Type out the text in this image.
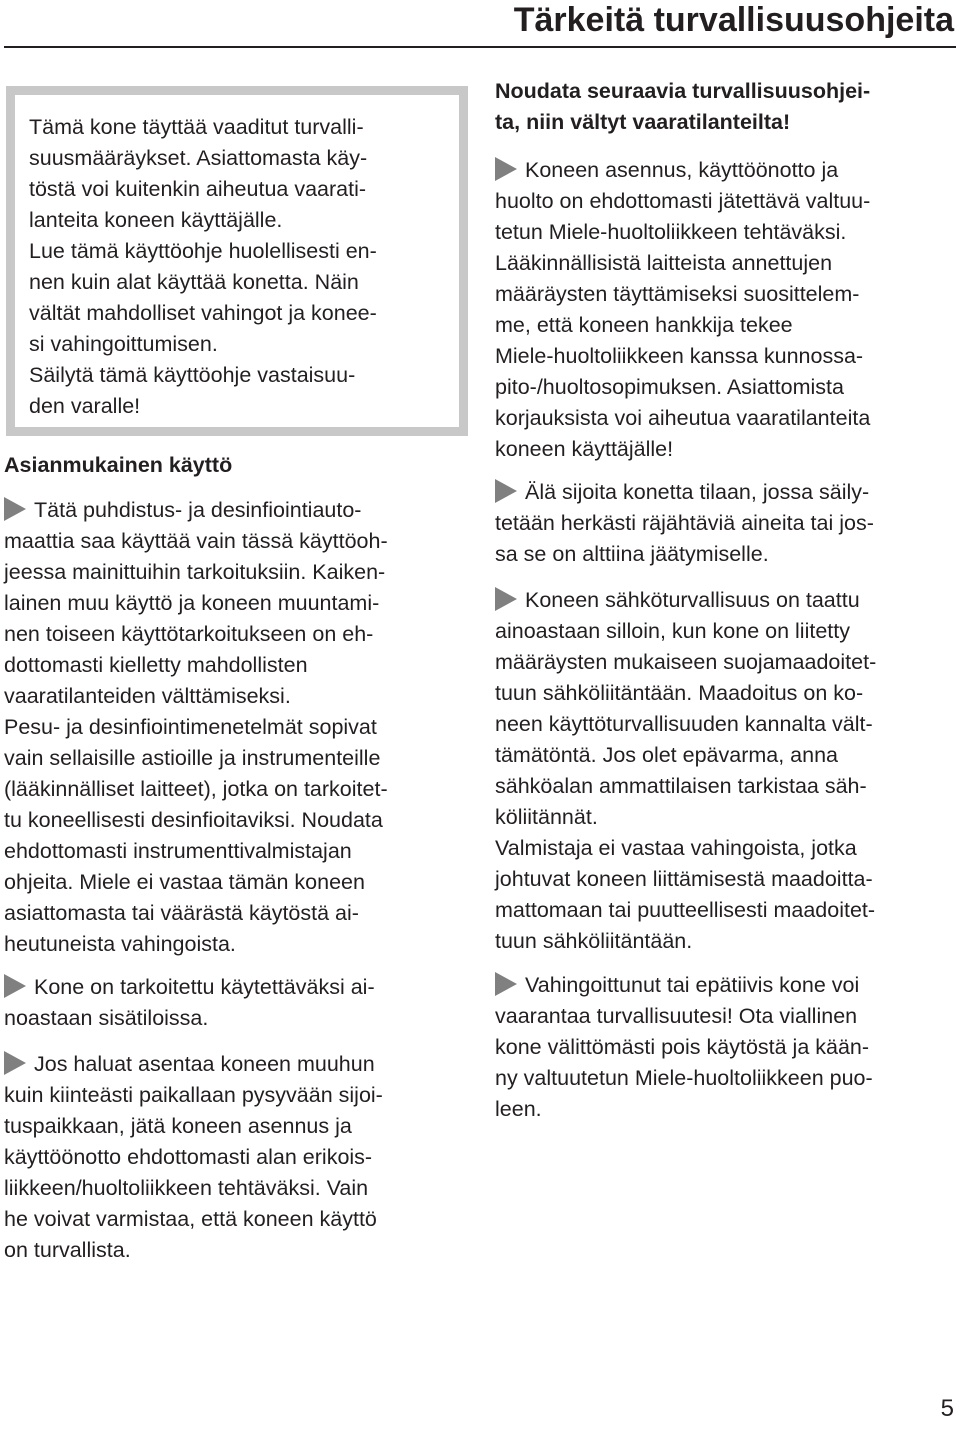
Tärkeitä turvallisuusohjeita
Tämä kone täyttää vaaditut turvalli-
suusmääräykset. Asiattomasta käy-
töstä voi kuitenkin aiheutua vaarati-
lanteita koneen käyttäjälle.
Lue tämä käyttöohje huolellisesti en-
nen kuin alat käyttää konetta. Näin
vältät mahdolliset vahingot ja konee-
si vahingoittumisen.
Säilytä tämä käyttöohje vastaisuu-
den varalle!
Asianmukainen käyttö
Tätä puhdistus- ja desinfiointiauto-
maattia saa käyttää vain tässä käyttöoh-
jeessa mainittuihin tarkoituksiin. Kaiken-
lainen muu käyttö ja koneen muuntami-
nen toiseen käyttötarkoitukseen on eh-
dottomasti kielletty mahdollisten
vaaratilanteiden välttämiseksi.
Pesu- ja desinfiointimenetelmät sopivat
vain sellaisille astioille ja instrumenteille
(lääkinnälliset laitteet), jotka on tarkoitet-
tu koneellisesti desinfioitaviksi. Noudata
ehdottomasti instrumenttivalmistajan
ohjeita. Miele ei vastaa tämän koneen
asiattomasta tai väärästä käytöstä ai-
heutuneista vahingoista.
Kone on tarkoitettu käytettäväksi ai-
noastaan sisätiloissa.
Jos haluat asentaa koneen muuhun
kuin kiinteästi paikallaan pysyvään sijoi-
tuspaikkaan, jätä koneen asennus ja
käyttöönotto ehdottomasti alan erikois-
liikkeen/huoltoliikkeen tehtäväksi. Vain
he voivat varmistaa, että koneen käyttö
on turvallista.
Noudata seuraavia turvallisuusohjei-
ta, niin vältyt vaaratilanteilta!
Koneen asennus, käyttöönotto ja
huolto on ehdottomasti jätettävä valtuu-
tetun Miele-huoltoliikkeen tehtäväksi.
Lääkinnällisistä laitteista annettujen
määräysten täyttämiseksi suosittelem-
me, että koneen hankkija tekee
Miele-huoltoliikkeen kanssa kunnossa-
pito-/huoltosopimuksen. Asiattomista
korjauksista voi aiheutua vaaratilanteita
koneen käyttäjälle!
Älä sijoita konetta tilaan, jossa säily-
tetään herkästi räjähtäviä aineita tai jos-
sa se on alttiina jäätymiselle.
Koneen sähköturvallisuus on taattu
ainoastaan silloin, kun kone on liitetty
määräysten mukaiseen suojamaadoitet-
tuun sähköliitäntään. Maadoitus on ko-
neen käyttöturvallisuuden kannalta vält-
tämätöntä. Jos olet epävarma, anna
sähköalan ammattilaisen tarkistaa säh-
köliitännät.
Valmistaja ei vastaa vahingoista, jotka
johtuvat koneen liittämisestä maadoitta-
mattomaan tai puutteellisesti maadoitet-
tuun sähköliitäntään.
Vahingoittunut tai epätiivis kone voi
vaarantaa turvallisuutesi! Ota viallinen
kone välittömästi pois käytöstä ja kään-
ny valtuutetun Miele-huoltoliikkeen puo-
leen.
5
